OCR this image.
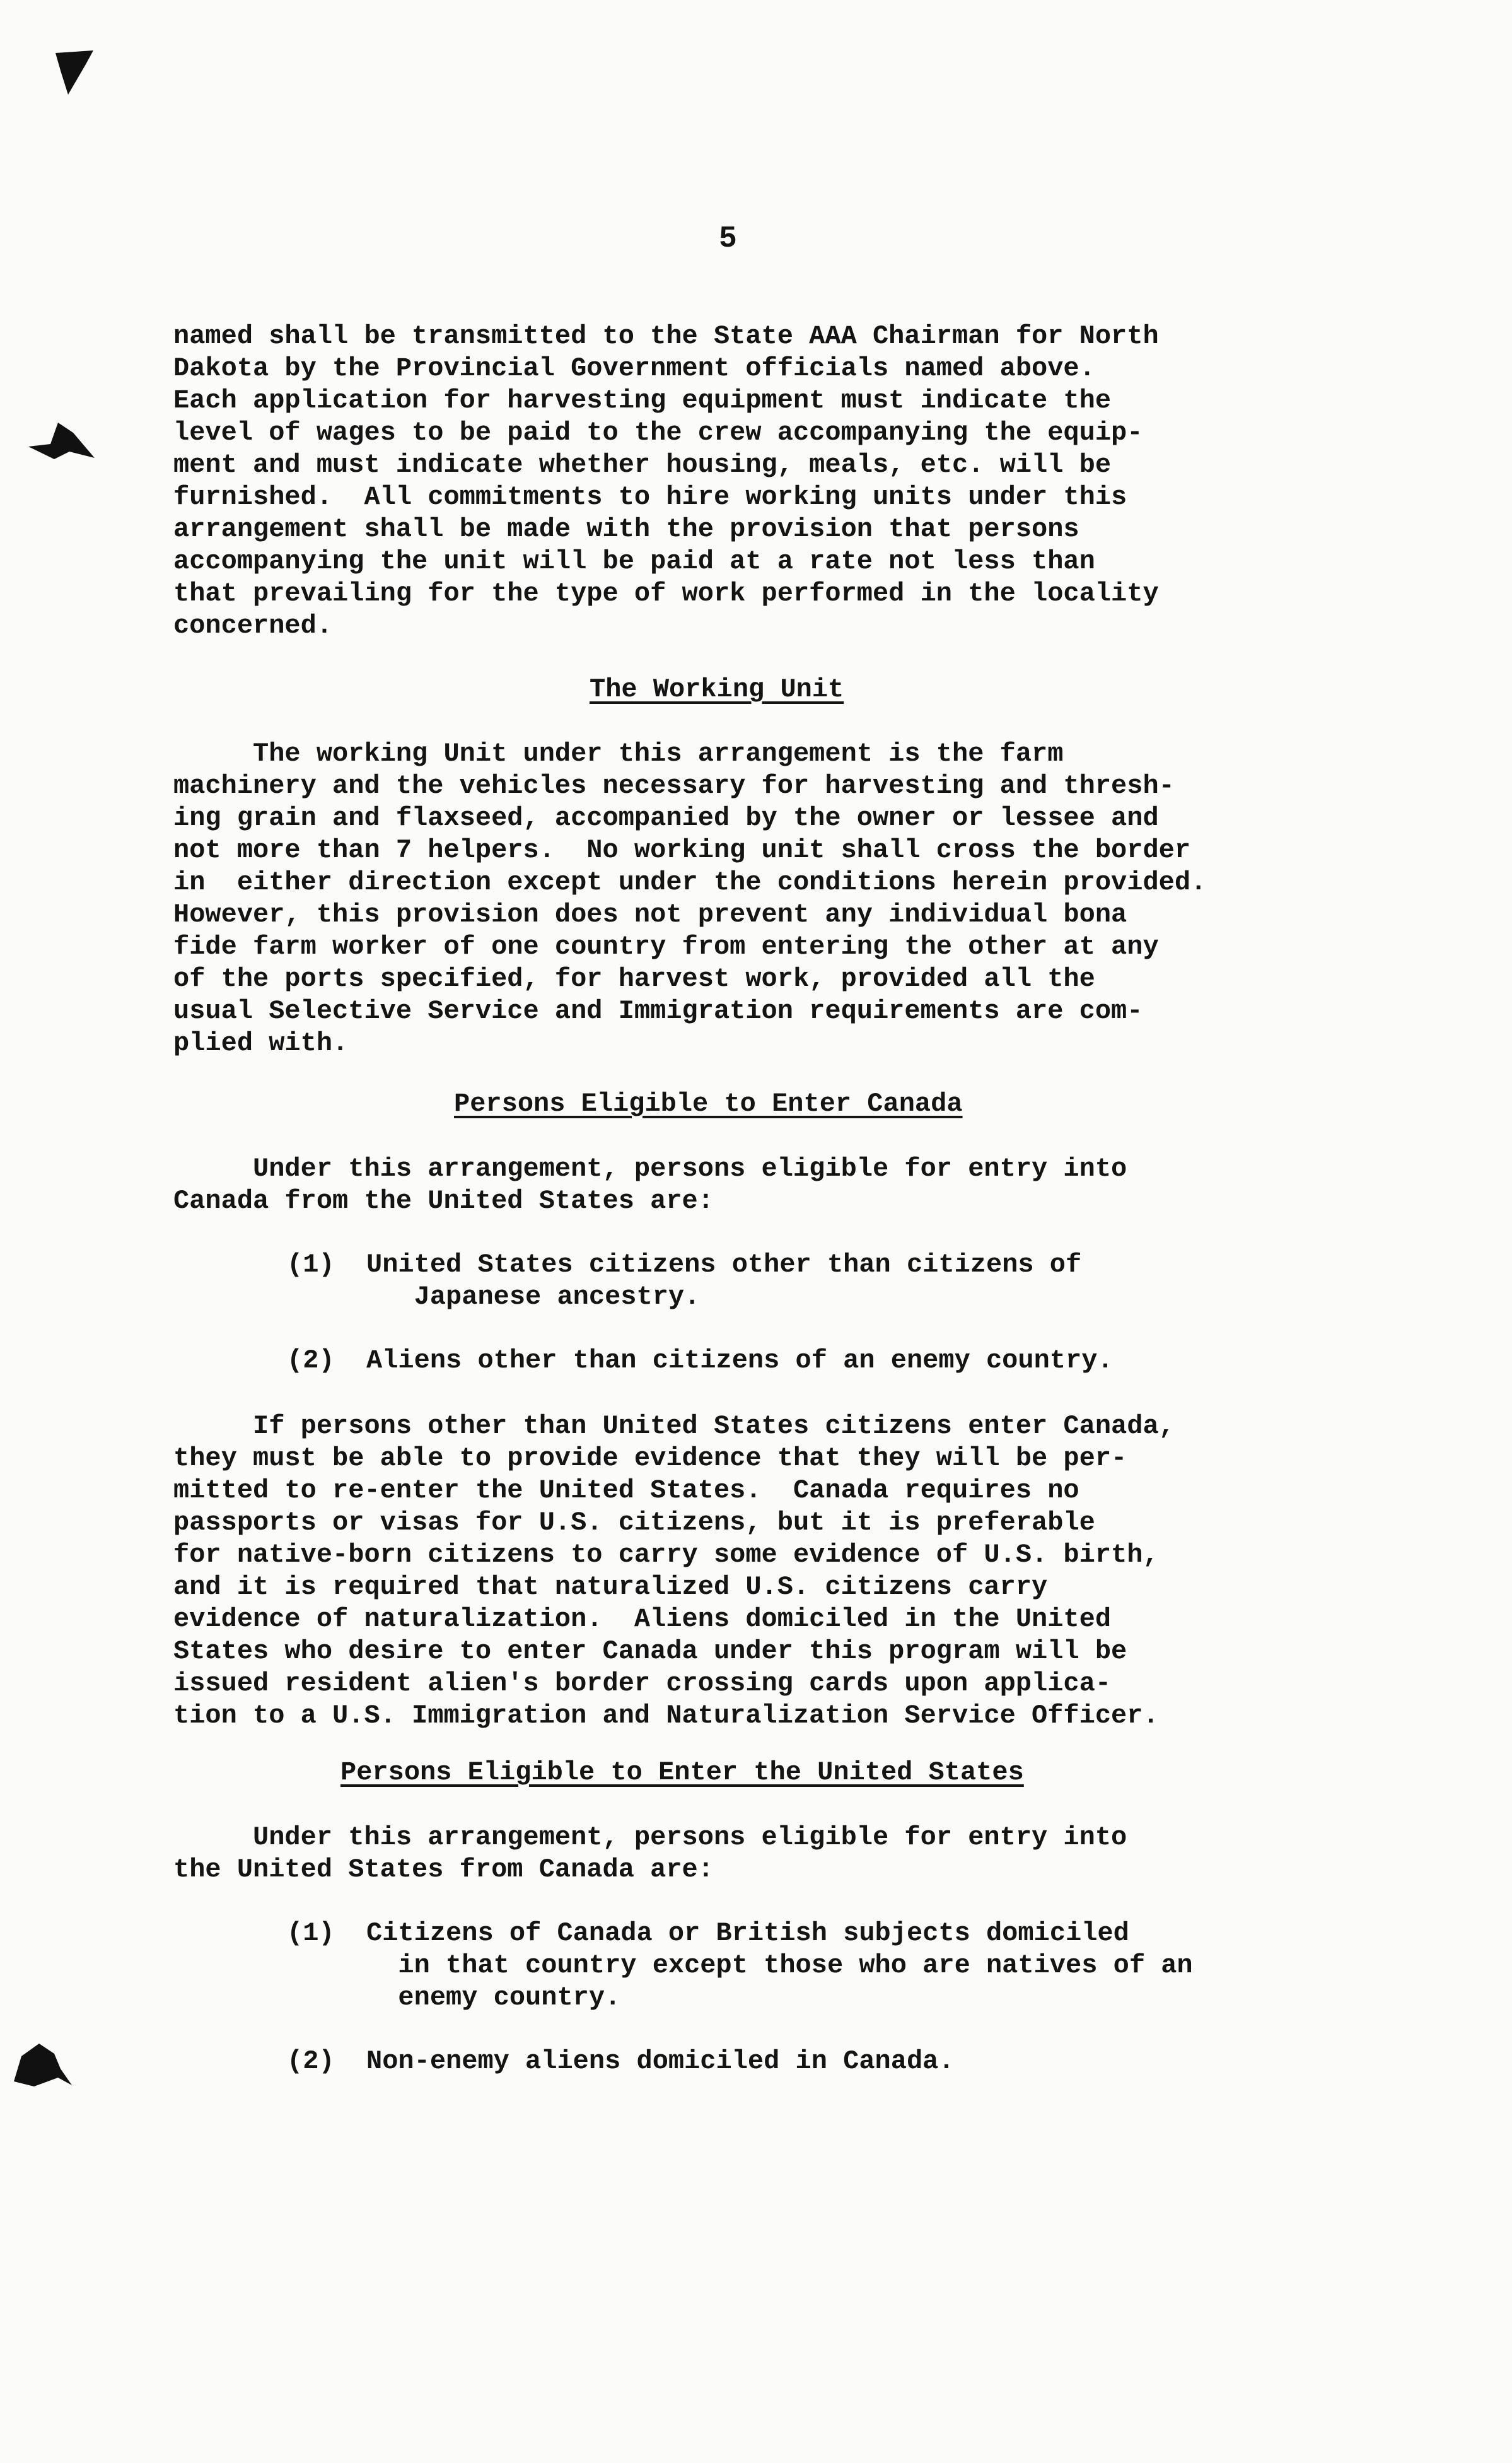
5
named shall be transmitted to the State AAA Chairman for North
Dakota by the Provincial Government officials named above.
Each application for harvesting equipment must indicate the
level of wages to be paid to the crew accompanying the equip-
ment and must indicate whether housing, meals, etc. will be
furnished.  All commitments to hire working units under this
arrangement shall be made with the provision that persons
accompanying the unit will be paid at a rate not less than
that prevailing for the type of work performed in the locality
concerned.
The Working Unit
The working Unit under this arrangement is the farm
machinery and the vehicles necessary for harvesting and thresh-
ing grain and flaxseed, accompanied by the owner or lessee and
not more than 7 helpers.  No working unit shall cross the border
in  either direction except under the conditions herein provided.
However, this provision does not prevent any individual bona
fide farm worker of one country from entering the other at any
of the ports specified, for harvest work, provided all the
usual Selective Service and Immigration requirements are com-
plied with.
Persons Eligible to Enter Canada
Under this arrangement, persons eligible for entry into
Canada from the United States are:
(1)  United States citizens other than citizens of
Japanese ancestry.
(2)  Aliens other than citizens of an enemy country.
If persons other than United States citizens enter Canada,
they must be able to provide evidence that they will be per-
mitted to re-enter the United States.  Canada requires no
passports or visas for U.S. citizens, but it is preferable
for native-born citizens to carry some evidence of U.S. birth,
and it is required that naturalized U.S. citizens carry
evidence of naturalization.  Aliens domiciled in the United
States who desire to enter Canada under this program will be
issued resident alien's border crossing cards upon applica-
tion to a U.S. Immigration and Naturalization Service Officer.
Persons Eligible to Enter the United States
Under this arrangement, persons eligible for entry into
the United States from Canada are:
(1)  Citizens of Canada or British subjects domiciled
in that country except those who are natives of an
enemy country.
(2)  Non-enemy aliens domiciled in Canada.
